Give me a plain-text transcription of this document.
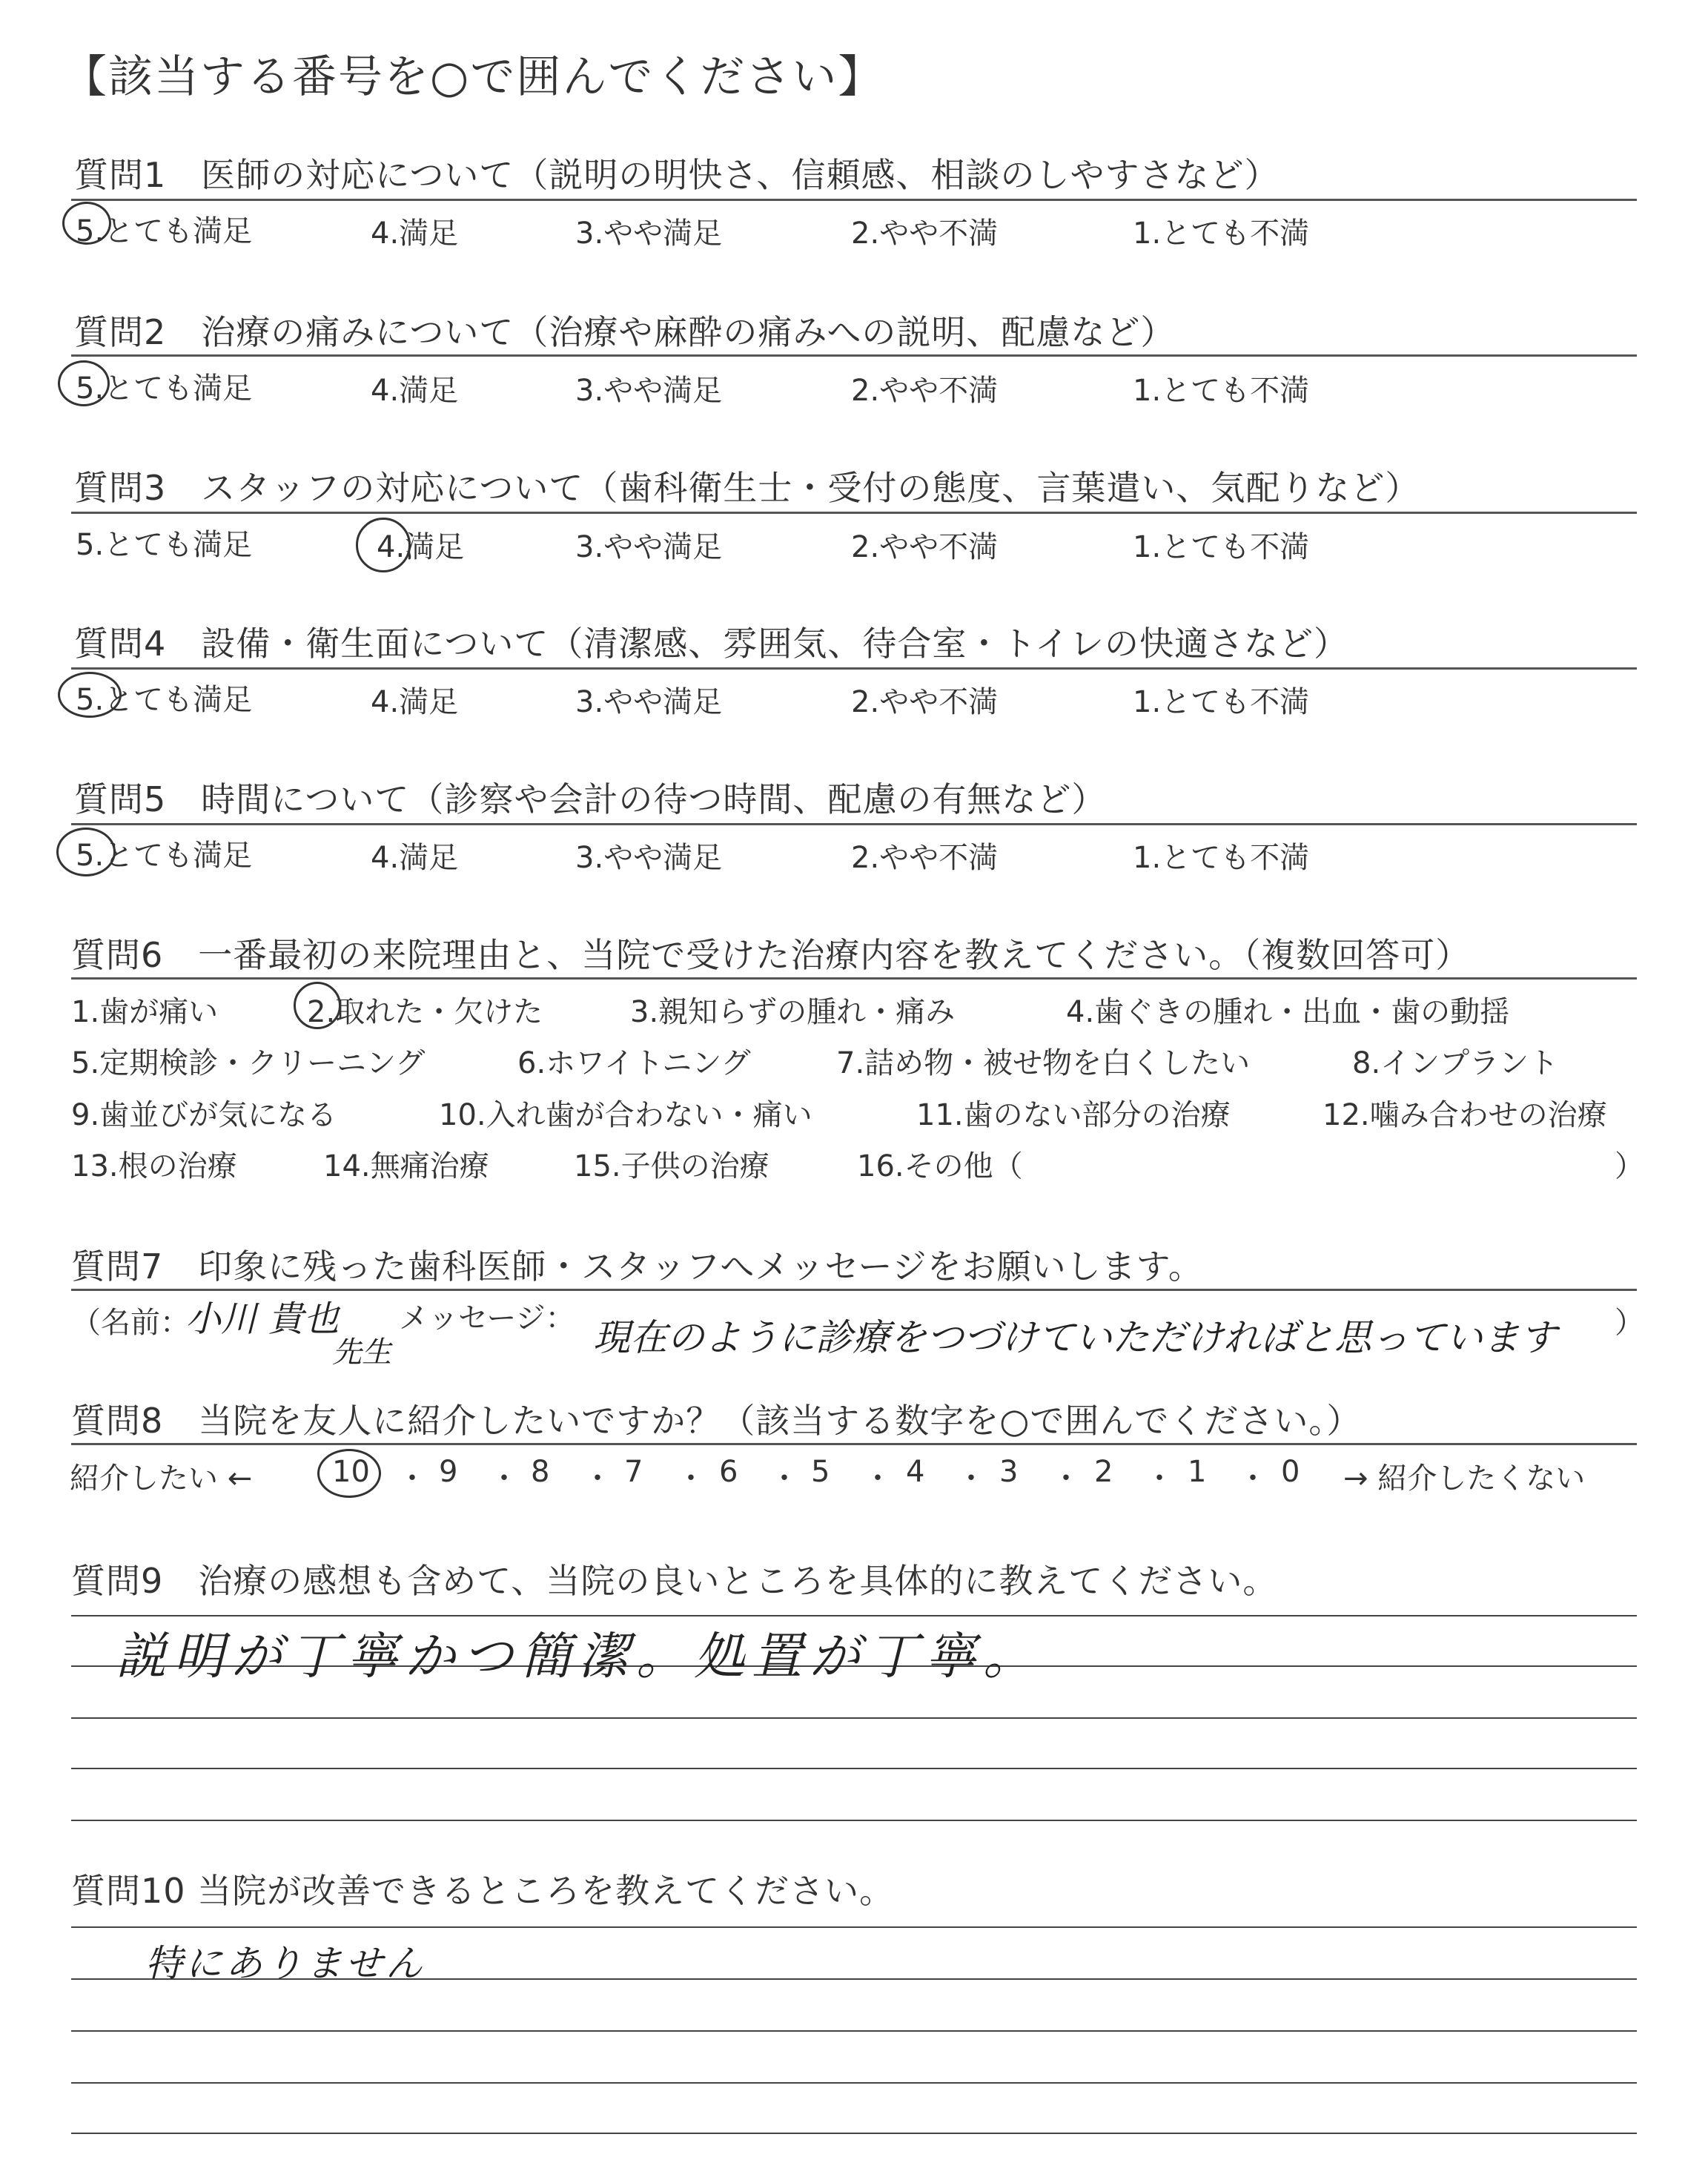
【該当する番号を○で囲んでください】
質問1　医師の対応について（説明の明快さ、信頼感、相談のしやすさなど）
5.とても満足	4.満足	3.やや満足	2.やや不満	1.とても不満
質問2　治療の痛みについて（治療や麻酔の痛みへの説明、配慮など）
5.とても満足	4.満足	3.やや満足	2.やや不満	1.とても不満
質問3　スタッフの対応について（歯科衛生士・受付の態度、言葉遣い、気配りなど）
5.とても満足	4.満足	3.やや満足	2.やや不満	1.とても不満
質問4　設備・衛生面について（清潔感、雰囲気、待合室・トイレの快適さなど）
5.とても満足	4.満足	3.やや満足	2.やや不満	1.とても不満
質問5　時間について（診察や会計の待つ時間、配慮の有無など）
5.とても満足	4.満足	3.やや満足	2.やや不満	1.とても不満
質問6　一番最初の来院理由と、当院で受けた治療内容を教えてください。（複数回答可）
1.歯が痛い	2.取れた・欠けた	3.親知らずの腫れ・痛み	4.歯ぐきの腫れ・出血・歯の動揺
5.定期検診・クリーニング	6.ホワイトニング	7.詰め物・被せ物を白くしたい	8.インプラント
9.歯並びが気になる	10.入れ歯が合わない・痛い	11.歯のない部分の治療	12.噛み合わせの治療
13.根の治療	14.無痛治療	15.子供の治療	16.その他（	）
質問7　印象に残った歯科医師・スタッフへメッセージをお願いします。
（名前：
小川 貴也
先生
メッセージ： 現在のように診療をつづけていただければと思っています ）
質問8　当院を友人に紹介したいですか？（該当する数字を○で囲んでください。）
紹介したい ←	10 ・ 9 ・ 8 ・ 7 ・ 6 ・ 5 ・ 4 ・ 3 ・ 2 ・ 1 ・ 0 → 紹介したくない
質問9　治療の感想も含めて、当院の良いところを具体的に教えてください。
説明が丁寧かつ簡潔。処置が丁寧。
質問10 当院が改善できるところを教えてください。
特にありません
